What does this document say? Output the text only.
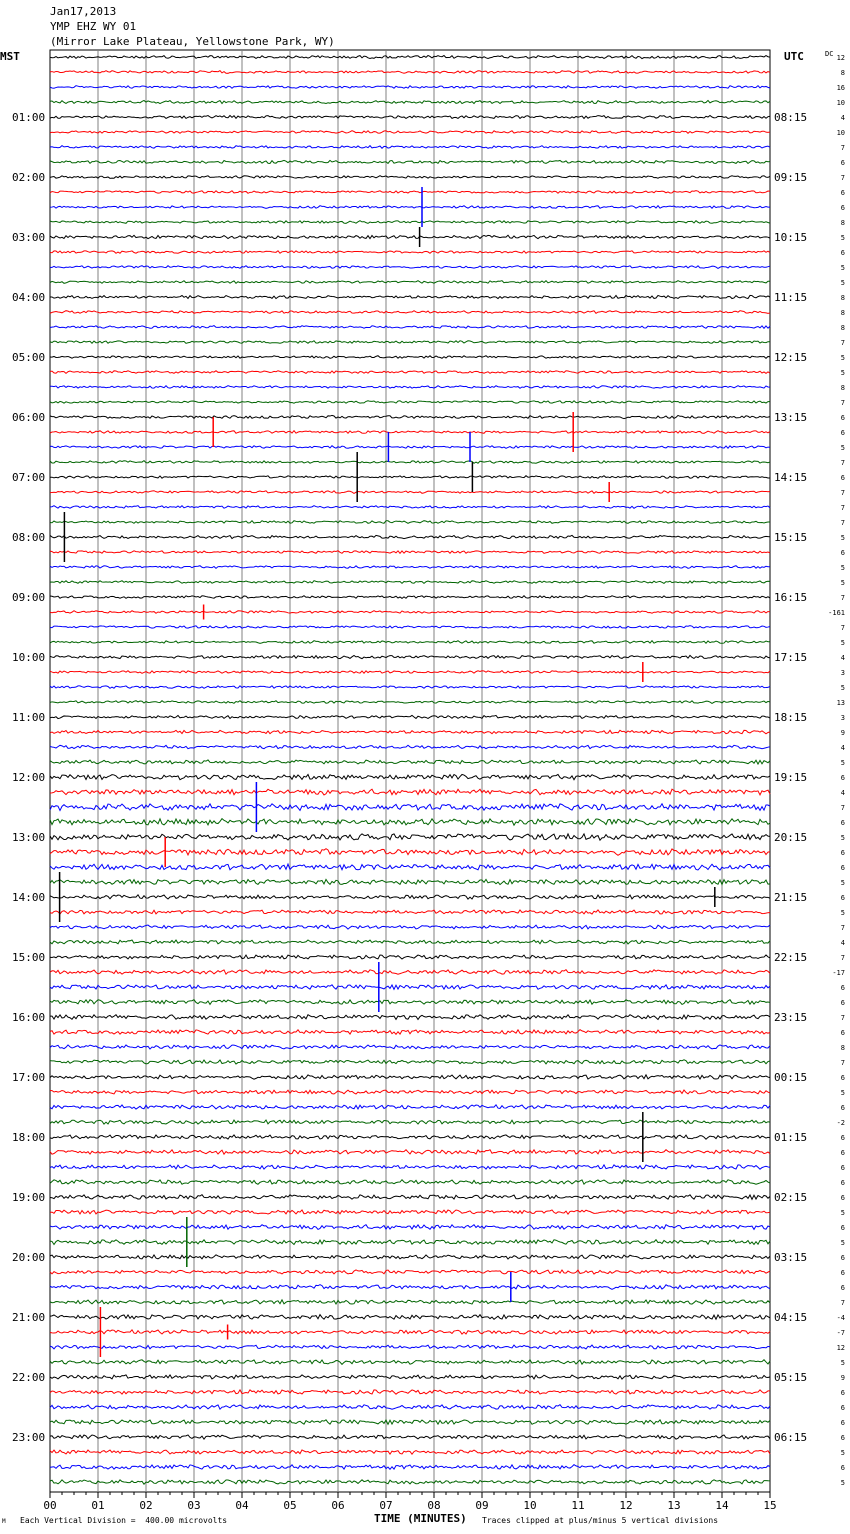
Jan17,2013
YMP EHZ WY 01
(Mirror Lake Plateau, Yellowstone Park, WY)
MST	UTC
00	01	02	03	04	05	06	07	08	09	10	11	12	13	14	15
12
8
16
10
4
10
7
6
7
6
6
8
5
6
5
5
8
8
8
7
5
5
8
7
6
6
5
7
6
7
7
7
5
6
5
5
7
-161
7
5
4
3
5
13
3
9
4
5
6
4
7
6
5
6
6
5
6
5
7
4
7
-17
6
6
7
6
8
7
6
5
6
-2
6
6
6
6
6
5
6
5
6
6
6
7
-4
-7
12
5
9
6
6
6
6
5
6
5
DC
01:00
02:00
03:00
04:00
05:00
06:00
07:00
08:00
09:00
10:00
11:00
12:00
13:00
14:00
15:00
16:00
17:00
18:00
19:00
20:00
21:00
22:00
23:00
08:15
09:15
10:15
11:15
12:15
13:15
14:15
15:15
16:15
17:15
18:15
19:15
20:15
21:15
22:15
23:15
00:15
01:15
02:15
03:15
04:15
05:15
06:15
TIME (MINUTES)
M Each Vertical Division =  400.00 microvolts	Traces clipped at plus/minus 5 vertical divisions
